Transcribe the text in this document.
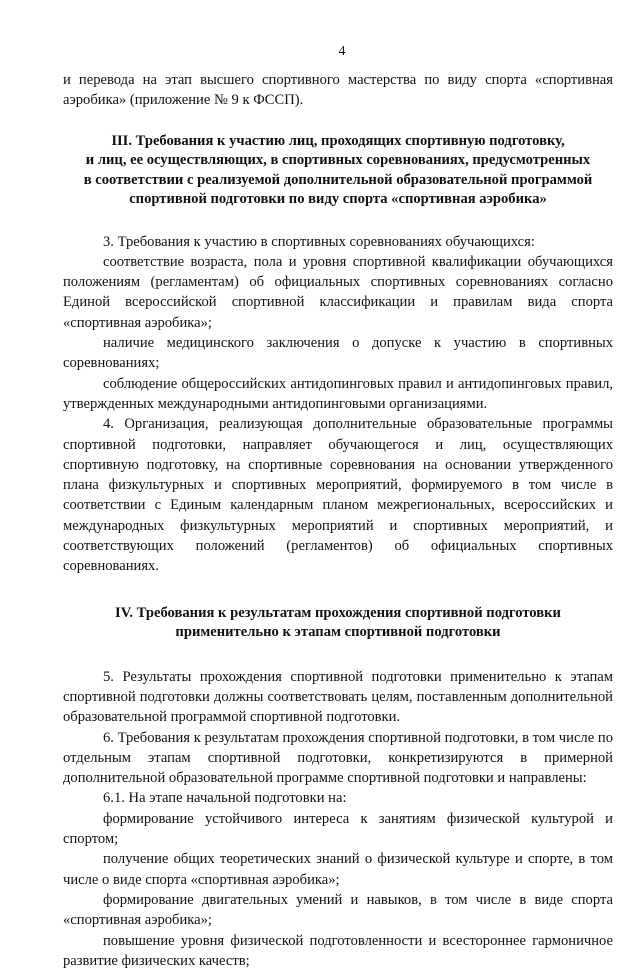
4

и перевода на этап высшего спортивного мастерства по виду спорта «спортивная аэробика» (приложение № 9 к ФССП).

III. Требования к участию лиц, проходящих спортивную подготовку,
и лиц, ее осуществляющих, в спортивных соревнованиях, предусмотренных
в соответствии с реализуемой дополнительной образовательной программой
спортивной подготовки по виду спорта «спортивная аэробика»

3. Требования к участию в спортивных соревнованиях обучающихся:

соответствие возраста, пола и уровня спортивной квалификации обучающихся положениям (регламентам) об официальных спортивных соревнованиях согласно Единой всероссийской спортивной классификации и правилам вида спорта «спортивная аэробика»;

наличие медицинского заключения о допуске к участию в спортивных соревнованиях;

соблюдение общероссийских антидопинговых правил и антидопинговых правил, утвержденных международными антидопинговыми организациями.

4. Организация, реализующая дополнительные образовательные программы спортивной подготовки, направляет обучающегося и лиц, осуществляющих спортивную подготовку, на спортивные соревнования на основании утвержденного плана физкультурных и спортивных мероприятий, формируемого в том числе в соответствии с Единым календарным планом межрегиональных, всероссийских и международных физкультурных мероприятий и спортивных мероприятий, и соответствующих положений (регламентов) об официальных спортивных соревнованиях.

IV. Требования к результатам прохождения спортивной подготовки
применительно к этапам спортивной подготовки

5. Результаты прохождения спортивной подготовки применительно к этапам спортивной подготовки должны соответствовать целям, поставленным дополнительной образовательной программой спортивной подготовки.

6. Требования к результатам прохождения спортивной подготовки, в том числе по отдельным этапам спортивной подготовки, конкретизируются в примерной дополнительной образовательной программе спортивной подготовки и направлены:

6.1. На этапе начальной подготовки на:

формирование устойчивого интереса к занятиям физической культурой и спортом;

получение общих теоретических знаний о физической культуре и спорте, в том числе о виде спорта «спортивная аэробика»;

формирование двигательных умений и навыков, в том числе в виде спорта «спортивная аэробика»;

повышение уровня физической подготовленности и всестороннее гармоничное развитие физических качеств;
